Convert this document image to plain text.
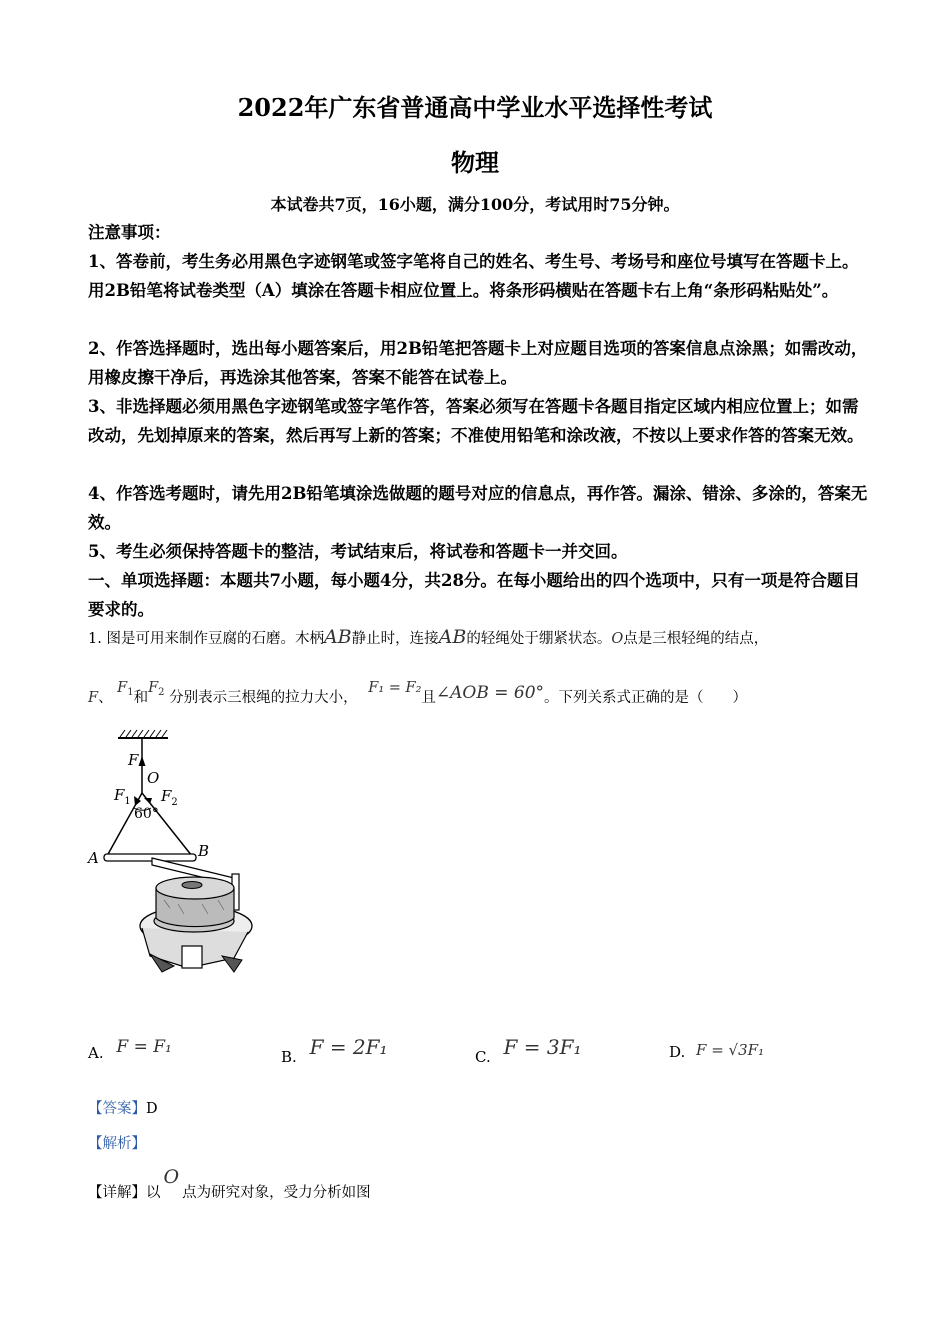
2022年广东省普通高中学业水平选择性考试
物理
本试卷共7页，16小题，满分100分，考试用时75分钟。
注意事项：
1、答卷前，考生务必用黑色字迹钢笔或签字笔将自己的姓名、考生号、考场号和座位号填写在答题卡上。用2B铅笔将试卷类型（A）填涂在答题卡相应位置上。将条形码横贴在答题卡右上角“条形码粘贴处”。
2、作答选择题时，选出每小题答案后，用2B铅笔把答题卡上对应题目选项的答案信息点涂黑；如需改动，用橡皮擦干净后，再选涂其他答案，答案不能答在试卷上。
3、非选择题必须用黑色字迹钢笔或签字笔作答，答案必须写在答题卡各题目指定区域内相应位置上；如需改动，先划掉原来的答案，然后再写上新的答案；不准使用铅笔和涂改液，不按以上要求作答的答案无效。
4、作答选考题时，请先用2B铅笔填涂选做题的题号对应的信息点，再作答。漏涂、错涂、多涂的，答案无效。
5、考生必须保持答题卡的整洁，考试结束后，将试卷和答题卡一并交回。
一、单项选择题：本题共7小题，每小题4分，共28分。在每小题给出的四个选项中，只有一项是符合题目要求的。
1. 图是可用来制作豆腐的石磨。木柄AB静止时，连接AB的轻绳处于绷紧状态。O点是三根轻绳的结点，
F、 $F_1$和$F_2$ 分别表示三根绳的拉力大小， F₁ = F₂且∠AOB = 60°。下列关系式正确的是（　　）
F
O
$F_1$ $F_2$
60°
A	B
A. F = F₁	B. F = 2F₁	C. F = 3F₁	D. F = √3F₁
【答案】D
【解析】
【详解】以O点为研究对象，受力分析如图
